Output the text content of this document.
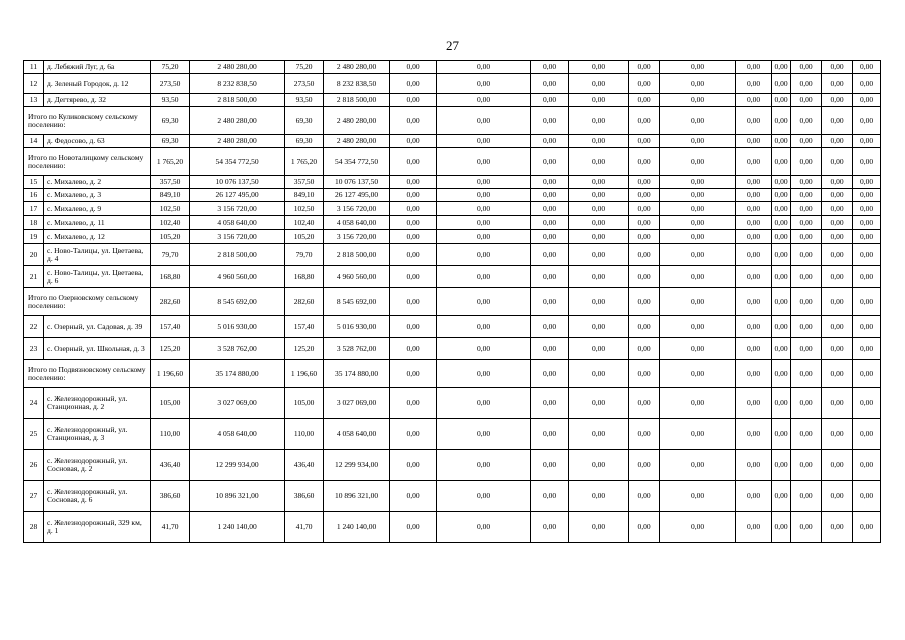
27
11	д. Лебяжий Луг, д. 6а	75,20	2 480 280,00	75,20	2 480 280,00	0,00	0,00	0,00	0,00	0,00	0,00	0,00	0,00	0,00	0,00	0,00		
12	д. Зеленый Городок, д. 12	273,50	8 232 838,50	273,50	8 232 838,50	0,00	0,00	0,00	0,00	0,00	0,00	0,00	0,00	0,00	0,00	0,00		
13	д. Дегтярево, д. 32	93,50	2 818 500,00	93,50	2 818 500,00	0,00	0,00	0,00	0,00	0,00	0,00	0,00	0,00	0,00	0,00	0,00		
Итого по Куликовскому сельскому поселению:		69,30	2 480 280,00	69,30	2 480 280,00	0,00	0,00	0,00	0,00	0,00	0,00	0,00	0,00	0,00	0,00	0,00		
14	д. Федосово, д. 63	69,30	2 480 280,00	69,30	2 480 280,00	0,00	0,00	0,00	0,00	0,00	0,00	0,00	0,00	0,00	0,00	0,00		
Итого по Новоталицкому сельскому поселению:		1 765,20	54 354 772,50	1 765,20	54 354 772,50	0,00	0,00	0,00	0,00	0,00	0,00	0,00	0,00	0,00	0,00	0,00		
15	с. Михалево, д. 2	357,50	10 076 137,50	357,50	10 076 137,50	0,00	0,00	0,00	0,00	0,00	0,00	0,00	0,00	0,00	0,00	0,00		
16	с. Михалево, д. 3	849,10	26 127 495,00	849,10	26 127 495,00	0,00	0,00	0,00	0,00	0,00	0,00	0,00	0,00	0,00	0,00	0,00		
17	с. Михалево, д. 9	102,50	3 156 720,00	102,50	3 156 720,00	0,00	0,00	0,00	0,00	0,00	0,00	0,00	0,00	0,00	0,00	0,00		
18	с. Михалево, д. 11	102,40	4 058 640,00	102,40	4 058 640,00	0,00	0,00	0,00	0,00	0,00	0,00	0,00	0,00	0,00	0,00	0,00		
19	с. Михалево, д. 12	105,20	3 156 720,00	105,20	3 156 720,00	0,00	0,00	0,00	0,00	0,00	0,00	0,00	0,00	0,00	0,00	0,00		
20	с. Ново-Талицы, ул. Цветаева, д. 4	79,70	2 818 500,00	79,70	2 818 500,00	0,00	0,00	0,00	0,00	0,00	0,00	0,00	0,00	0,00	0,00	0,00		
21	с. Ново-Талицы, ул. Цветаева, д. 6	168,80	4 960 560,00	168,80	4 960 560,00	0,00	0,00	0,00	0,00	0,00	0,00	0,00	0,00	0,00	0,00	0,00		
Итого по Озерновскому сельскому поселению:		282,60	8 545 692,00	282,60	8 545 692,00	0,00	0,00	0,00	0,00	0,00	0,00	0,00	0,00	0,00	0,00	0,00		
22	с. Озерный, ул. Садовая, д. 39	157,40	5 016 930,00	157,40	5 016 930,00	0,00	0,00	0,00	0,00	0,00	0,00	0,00	0,00	0,00	0,00	0,00		
23	с. Озерный, ул. Школьная, д. 3	125,20	3 528 762,00	125,20	3 528 762,00	0,00	0,00	0,00	0,00	0,00	0,00	0,00	0,00	0,00	0,00	0,00		
Итого по Подвязновскому сельскому поселению:		1 196,60	35 174 880,00	1 196,60	35 174 880,00	0,00	0,00	0,00	0,00	0,00	0,00	0,00	0,00	0,00	0,00	0,00		
24	с. Железнодорожный, ул. Станционная, д. 2	105,00	3 027 069,00	105,00	3 027 069,00	0,00	0,00	0,00	0,00	0,00	0,00	0,00	0,00	0,00	0,00	0,00		
25	с. Железнодорожный, ул. Станционная, д. 3	110,00	4 058 640,00	110,00	4 058 640,00	0,00	0,00	0,00	0,00	0,00	0,00	0,00	0,00	0,00	0,00	0,00		
26	с. Железнодорожный, ул. Сосновая, д. 2	436,40	12 299 934,00	436,40	12 299 934,00	0,00	0,00	0,00	0,00	0,00	0,00	0,00	0,00	0,00	0,00	0,00		
27	с. Железнодорожный, ул. Сосновая, д. 6	386,60	10 896 321,00	386,60	10 896 321,00	0,00	0,00	0,00	0,00	0,00	0,00	0,00	0,00	0,00	0,00	0,00		
28	с. Железнодорожный, 329 км, д. 1	41,70	1 240 140,00	41,70	1 240 140,00	0,00	0,00	0,00	0,00	0,00	0,00	0,00	0,00	0,00	0,00	0,00		
